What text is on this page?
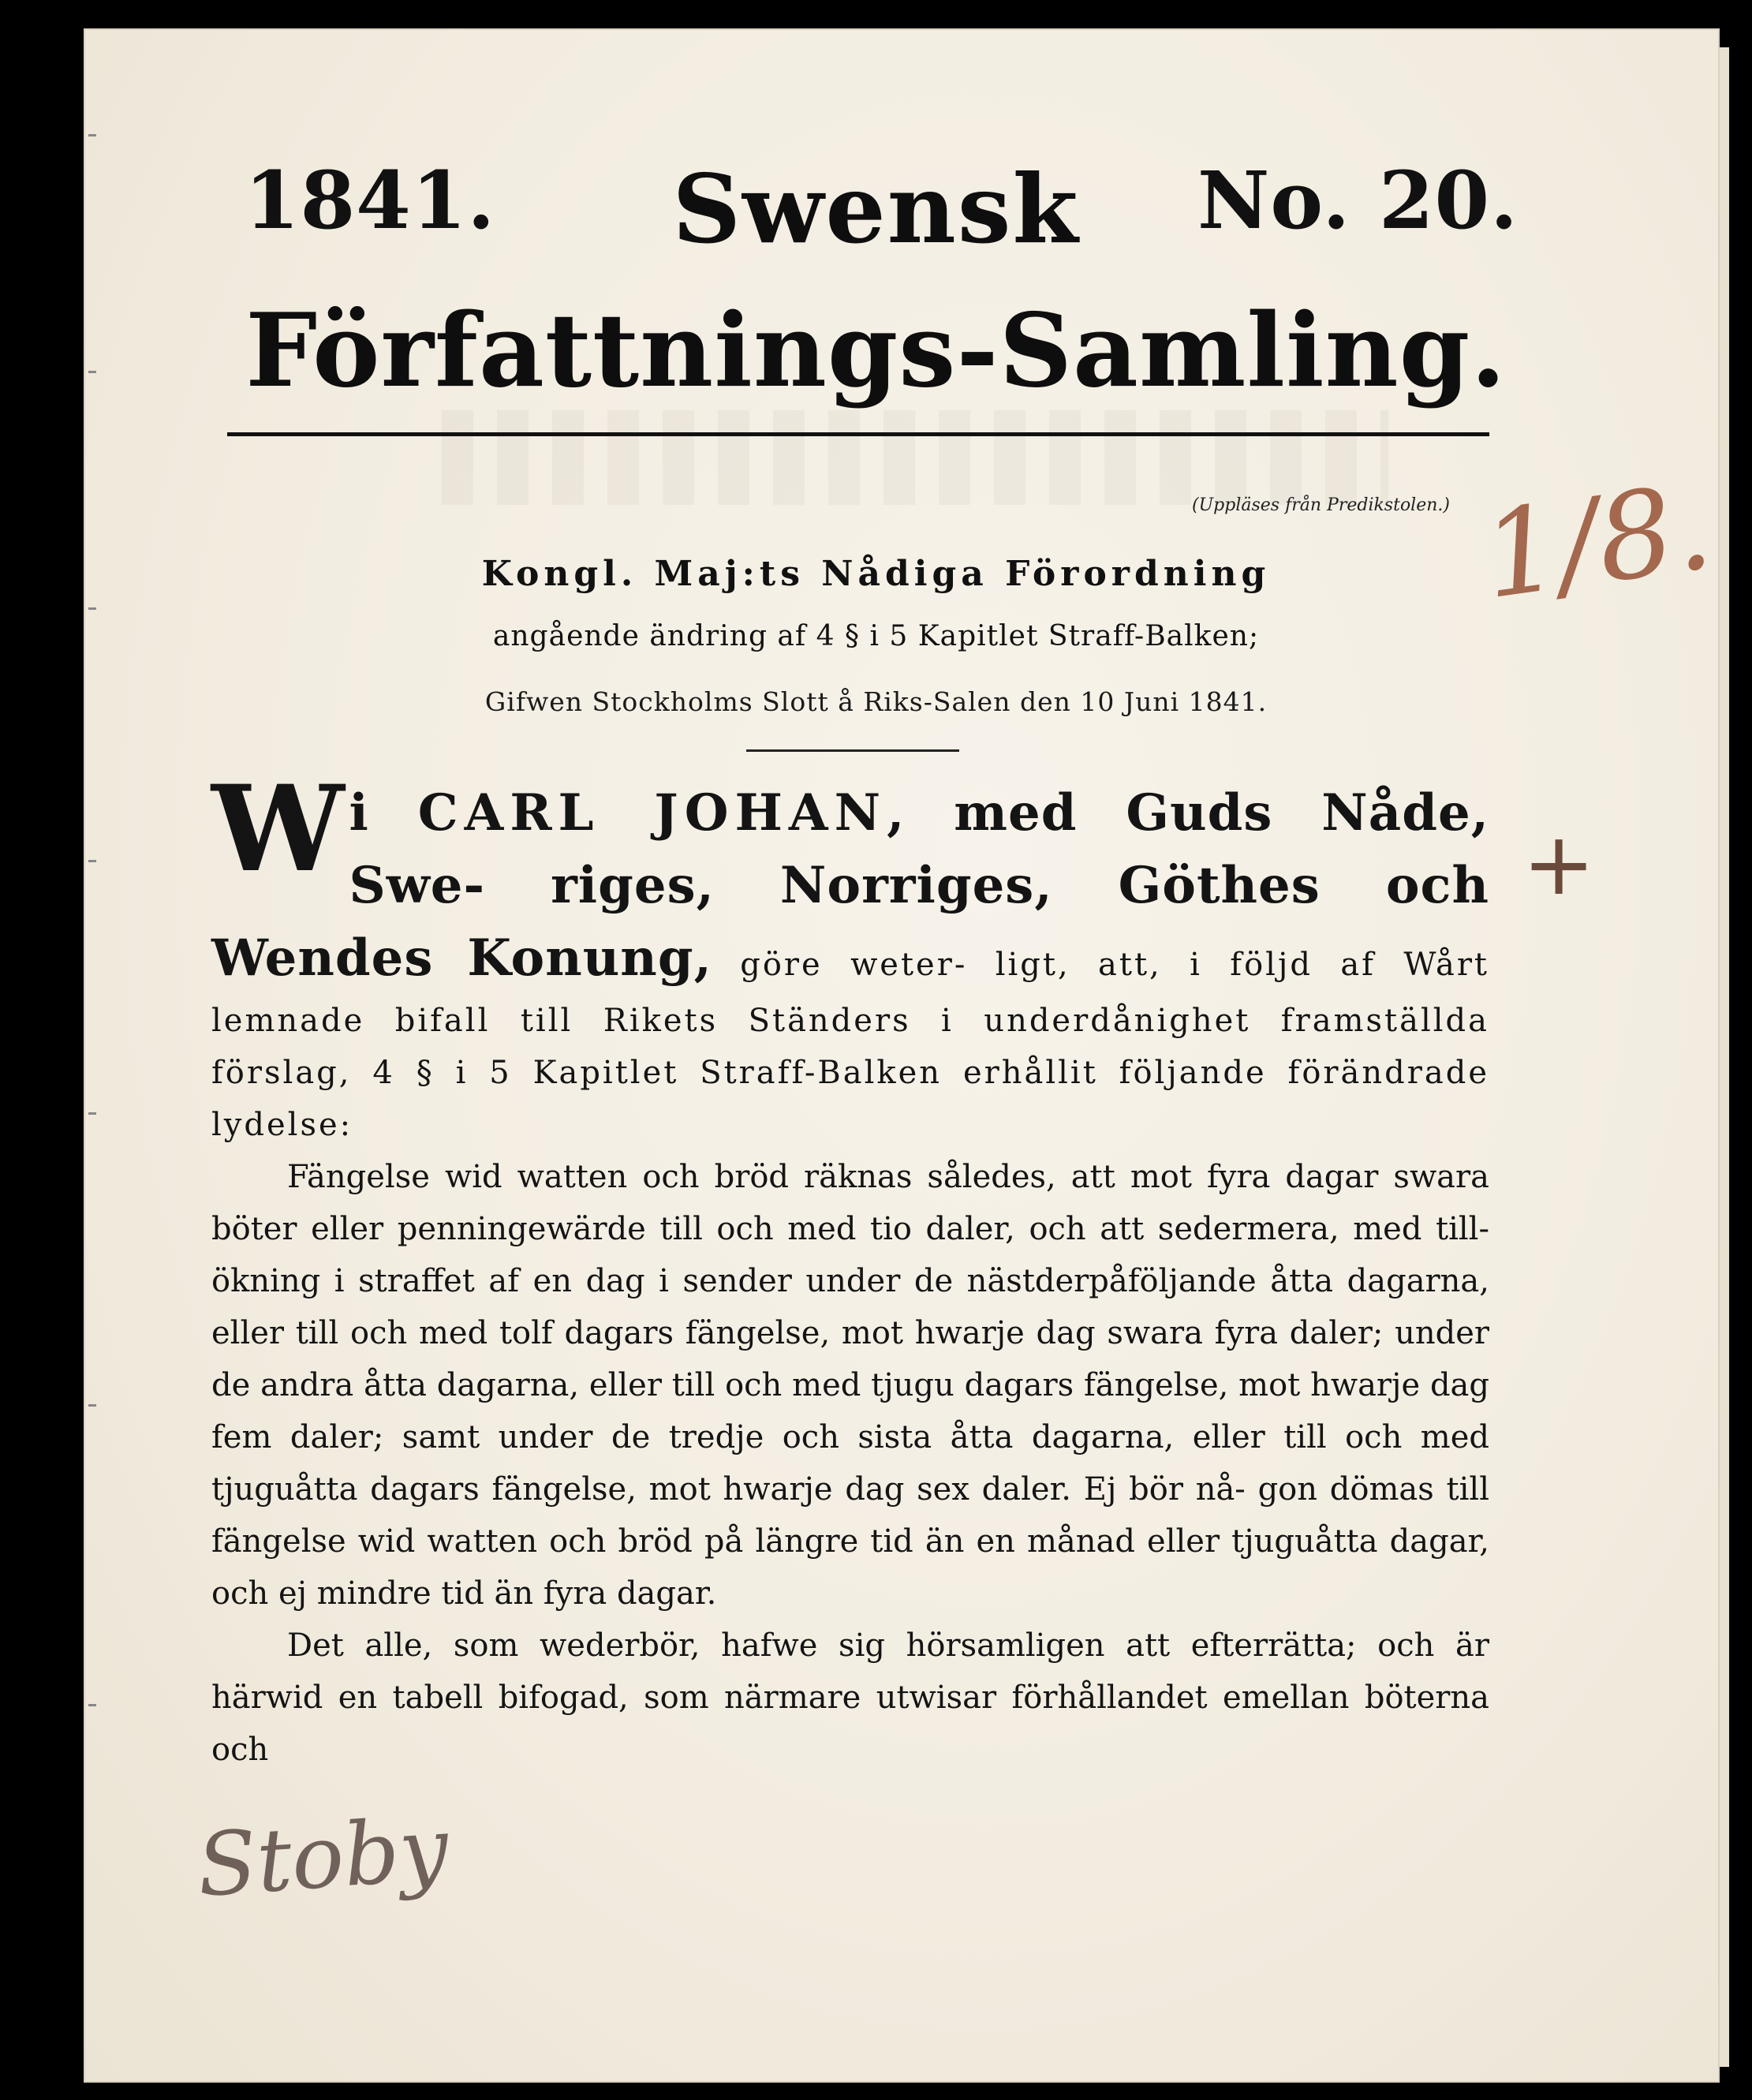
1841.	Swensk	No. 20.
Författnings-Samling.
(Uppläses från Predikstolen.)
Kongl. Maj:ts Nådiga Förordning
angående ändring af 4 § i 5 Kapitlet Straff-Balken;
Gifwen Stockholms Slott å Riks-Salen den 10 Juni 1841.

Wi CARL JOHAN, med Guds Nåde, Swe- riges, Norriges, Göthes och Wendes Konung, göre weter- ligt, att, i följd af Wårt lemnade bifall till Rikets Ständers i underdånighet framställda förslag, 4 § i 5 Kapitlet Straff-Balken erhållit följande förändrade lydelse:

Fängelse wid watten och bröd räknas således, att mot fyra dagar swara böter eller penningewärde till och med tio daler, och att sedermera, med till- ökning i straffet af en dag i sender under de nästderpåföljande åtta dagarna, eller till och med tolf dagars fängelse, mot hwarje dag swara fyra daler; under de andra åtta dagarna, eller till och med tjugu dagars fängelse, mot hwarje dag fem daler; samt under de tredje och sista åtta dagarna, eller till och med tjuguåtta dagars fängelse, mot hwarje dag sex daler. Ej bör nå- gon dömas till fängelse wid watten och bröd på längre tid än en månad eller tjuguåtta dagar, och ej mindre tid än fyra dagar.

Det alle, som wederbör, hafwe sig hörsamligen att efterrätta; och är härwid en tabell bifogad, som närmare utwisar förhållandet emellan böterna och

1/8.
+
Stoby
